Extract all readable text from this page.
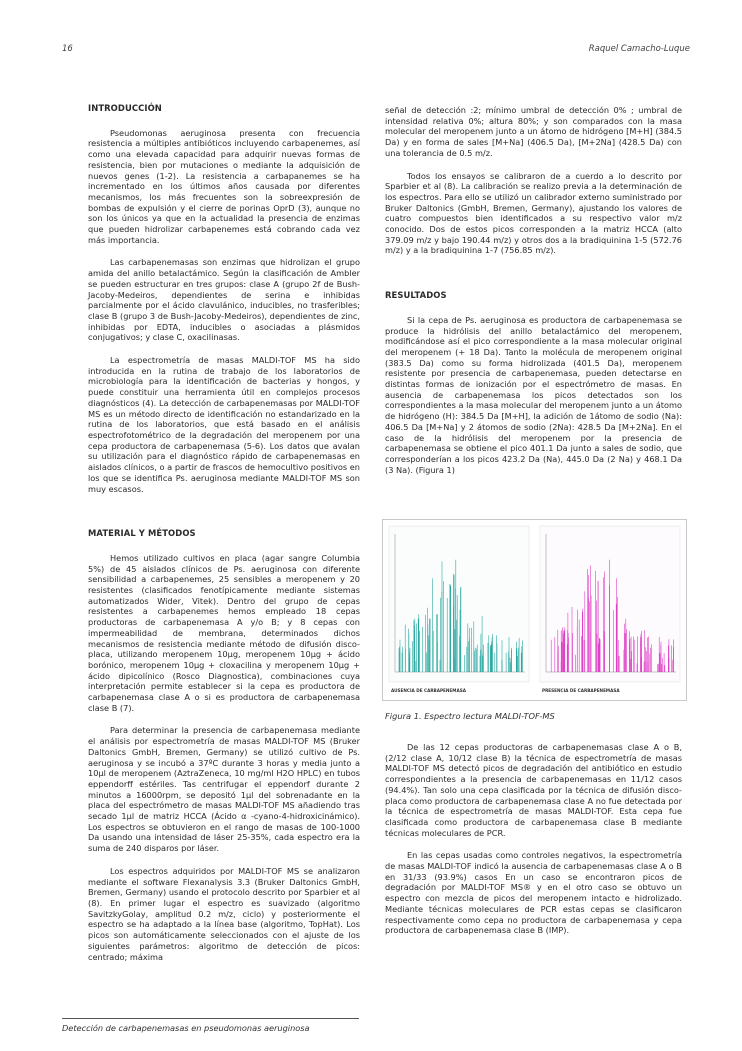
16	Raquel Camacho-Luque
INTRODUCCIÓN

Pseudomonas aeruginosa presenta con frecuencia resistencia a múltiples antibióticos incluyendo carbapenemes, así como una elevada capacidad para adquirir nuevas formas de resistencia, bien por mutaciones o mediante la adquisición de nuevos genes (1-2). La resistencia a carbapanemes se ha incrementado en los últimos años causada por diferentes mecanismos, los más frecuentes son la sobreexpresión de bombas de expulsión y el cierre de porinas OprD (3), aunque no son los únicos ya que en la actualidad la presencia de enzimas que pueden hidrolizar carbapenemes está cobrando cada vez más importancia.

Las carbapenemasas son enzimas que hidrolizan el grupo amida del anillo betalactámico. Según la clasificación de Ambler se pueden estructurar en tres grupos: clase A (grupo 2f de Bush-Jacoby-Medeiros, dependientes de serina e inhibidas parcialmente por el ácido clavulánico, inducibles, no trasferibles; clase B (grupo 3 de Bush-Jacoby-Medeiros), dependientes de zinc, inhibidas por EDTA, inducibles o asociadas a plásmidos conjugativos; y clase C, oxacilinasas.

La espectrometría de masas MALDI-TOF MS ha sido introducida en la rutina de trabajo de los laboratorios de microbiología para la identificación de bacterias y hongos, y puede constituir una herramienta útil en complejos procesos diagnósticos (4). La detección de carbapenemasas por MALDI-TOF MS es un método directo de identificación no estandarizado en la rutina de los laboratorios, que está basado en el análisis espectrofotométrico de la degradación del meropenem por una cepa productora de carbapenemasa (5-6). Los datos que avalan su utilización para el diagnóstico rápido de carbapenemasas en aislados clínicos, o a partir de frascos de hemocultivo positivos en los que se identifica Ps. aeruginosa mediante MALDI-TOF MS son muy escasos.

MATERIAL Y MÉTODOS

Hemos utilizado cultivos en placa (agar sangre Columbia 5%) de 45 aislados clínicos de Ps. aeruginosa con diferente sensibilidad a carbapenemes, 25 sensibles a meropenem y 20 resistentes (clasificados fenotípicamente mediante sistemas automatizados Wider, Vitek). Dentro del grupo de cepas resistentes a carbapenemes hemos empleado 18 cepas productoras de carbapenemasa A y/o B; y 8 cepas con impermeabilidad de membrana, determinados dichos mecanismos de resistencia mediante método de difusión disco-placa, utilizando meropenem 10µg, meropenem 10µg + ácido borónico, meropenem 10µg + cloxacilina y meropenem 10µg + ácido dipicolínico (Rosco Diagnostica), combinaciones cuya interpretación permite establecer si la cepa es productora de carbapenemasa clase A o si es productora de carbapenemasa clase B (7).

Para determinar la presencia de carbapenemasa mediante el análisis por espectrometría de masas MALDI-TOF MS (Bruker Daltonics GmbH, Bremen, Germany) se utilizó cultivo de Ps. aeruginosa y se incubó a 37ºC durante 3 horas y media junto a 10µl de meropenem (AztraZeneca, 10 mg/ml H2O HPLC) en tubos eppendorff estériles. Tas centrifugar el eppendorf durante 2 minutos a 16000rpm, se depositó 1µl del sobrenadante en la placa del espectrómetro de masas MALDI-TOF MS añadiendo tras secado 1µl de matriz HCCA (Ácido α -cyano-4-hidroxicinámico). Los espectros se obtuvieron en el rango de masas de 100-1000 Da usando una intensidad de láser 25-35%, cada espectro era la suma de 240 disparos por láser.

Los espectros adquiridos por MALDI-TOF MS se analizaron mediante el software Flexanalysis 3.3 (Bruker Daltonics GmbH, Bremen, Germany) usando el protocolo descrito por Sparbier et al (8). En primer lugar el espectro es suavizado (algoritmo SavitzkyGolay, amplitud 0.2 m/z, ciclo) y posteriormente el espectro se ha adaptado a la línea base (algoritmo, TopHat). Los picos son automáticamente seleccionados con el ajuste de los siguientes parámetros: algoritmo de detección de picos: centrado; máxima

señal de detección :2; mínimo umbral de detección 0% ; umbral de intensidad relativa 0%; altura 80%; y son comparados con la masa molecular del meropenem junto a un átomo de hidrógeno [M+H] (384.5 Da) y en forma de sales [M+Na] (406.5 Da), [M+2Na] (428.5 Da) con una tolerancia de 0.5 m/z.

Todos los ensayos se calibraron de a cuerdo a lo descrito por Sparbier et al (8). La calibración se realizo previa a la determinación de los espectros. Para ello se utilizó un calibrador externo suministrado por Bruker Daltonics (GmbH, Bremen, Germany), ajustando los valores de cuatro compuestos bien identificados a su respectivo valor m/z conocido. Dos de estos picos corresponden a la matriz HCCA (alto 379.09 m/z y bajo 190.44 m/z) y otros dos a la bradiquinina 1-5 (572.76 m/z) y a la bradiquinina 1-7 (756.85 m/z).

RESULTADOS

Si la cepa de Ps. aeruginosa es productora de carbapenemasa se produce la hidrólisis del anillo betalactámico del meropenem, modificándose así el pico correspondiente a la masa molecular original del meropenem (+ 18 Da). Tanto la molécula de meropenem original (383.5 Da) como su forma hidrolizada (401.5 Da), meropenem resistente por presencia de carbapenemasa, pueden detectarse en distintas formas de ionización por el espectrómetro de masas. En ausencia de carbapenemasa los picos detectados son los correspondientes a la masa molecular del meropenem junto a un átomo de hidrógeno (H): 384.5 Da [M+H], la adición de 1átomo de sodio (Na): 406.5 Da [M+Na] y 2 átomos de sodio (2Na): 428.5 Da [M+2Na]. En el caso de la hidrólisis del meropenem por la presencia de carbapenemasa se obtiene el pico 401.1 Da junto a sales de sodio, que corresponderían a los picos 423.2 Da (Na), 445.0 Da (2 Na) y 468.1 Da (3 Na). (Figura 1)

AUSENCIA DE CARBAPENEMASA	PRESENCIA DE CARBAPENEMASA
Figura 1. Espectro lectura MALDI-TOF-MS

De las 12 cepas productoras de carbapenemasas clase A o B, (2/12 clase A, 10/12 clase B) la técnica de espectrometría de masas MALDI-TOF MS detectó picos de degradación del antibiótico en estudio correspondientes a la presencia de carbapenemasas en 11/12 casos (94.4%). Tan solo una cepa clasificada por la técnica de difusión disco-placa como productora de carbapenemasa clase A no fue detectada por la técnica de espectrometría de masas MALDI-TOF. Esta cepa fue clasificada como productora de carbapenemasa clase B mediante técnicas moleculares de PCR.

En las cepas usadas como controles negativos, la espectrometría de masas MALDI-TOF indicó la ausencia de carbapenemasas clase A o B en 31/33 (93.9%) casos En un caso se encontraron picos de degradación por MALDI-TOF MS® y en el otro caso se obtuvo un espectro con mezcla de picos del meropenem intacto e hidrolizado. Mediante técnicas moleculares de PCR estas cepas se clasificaron respectivamente como cepa no productora de carbapenemasa y cepa productora de carbapenemasa clase B (IMP).

Detección de carbapenemasas en pseudomonas aeruginosa
